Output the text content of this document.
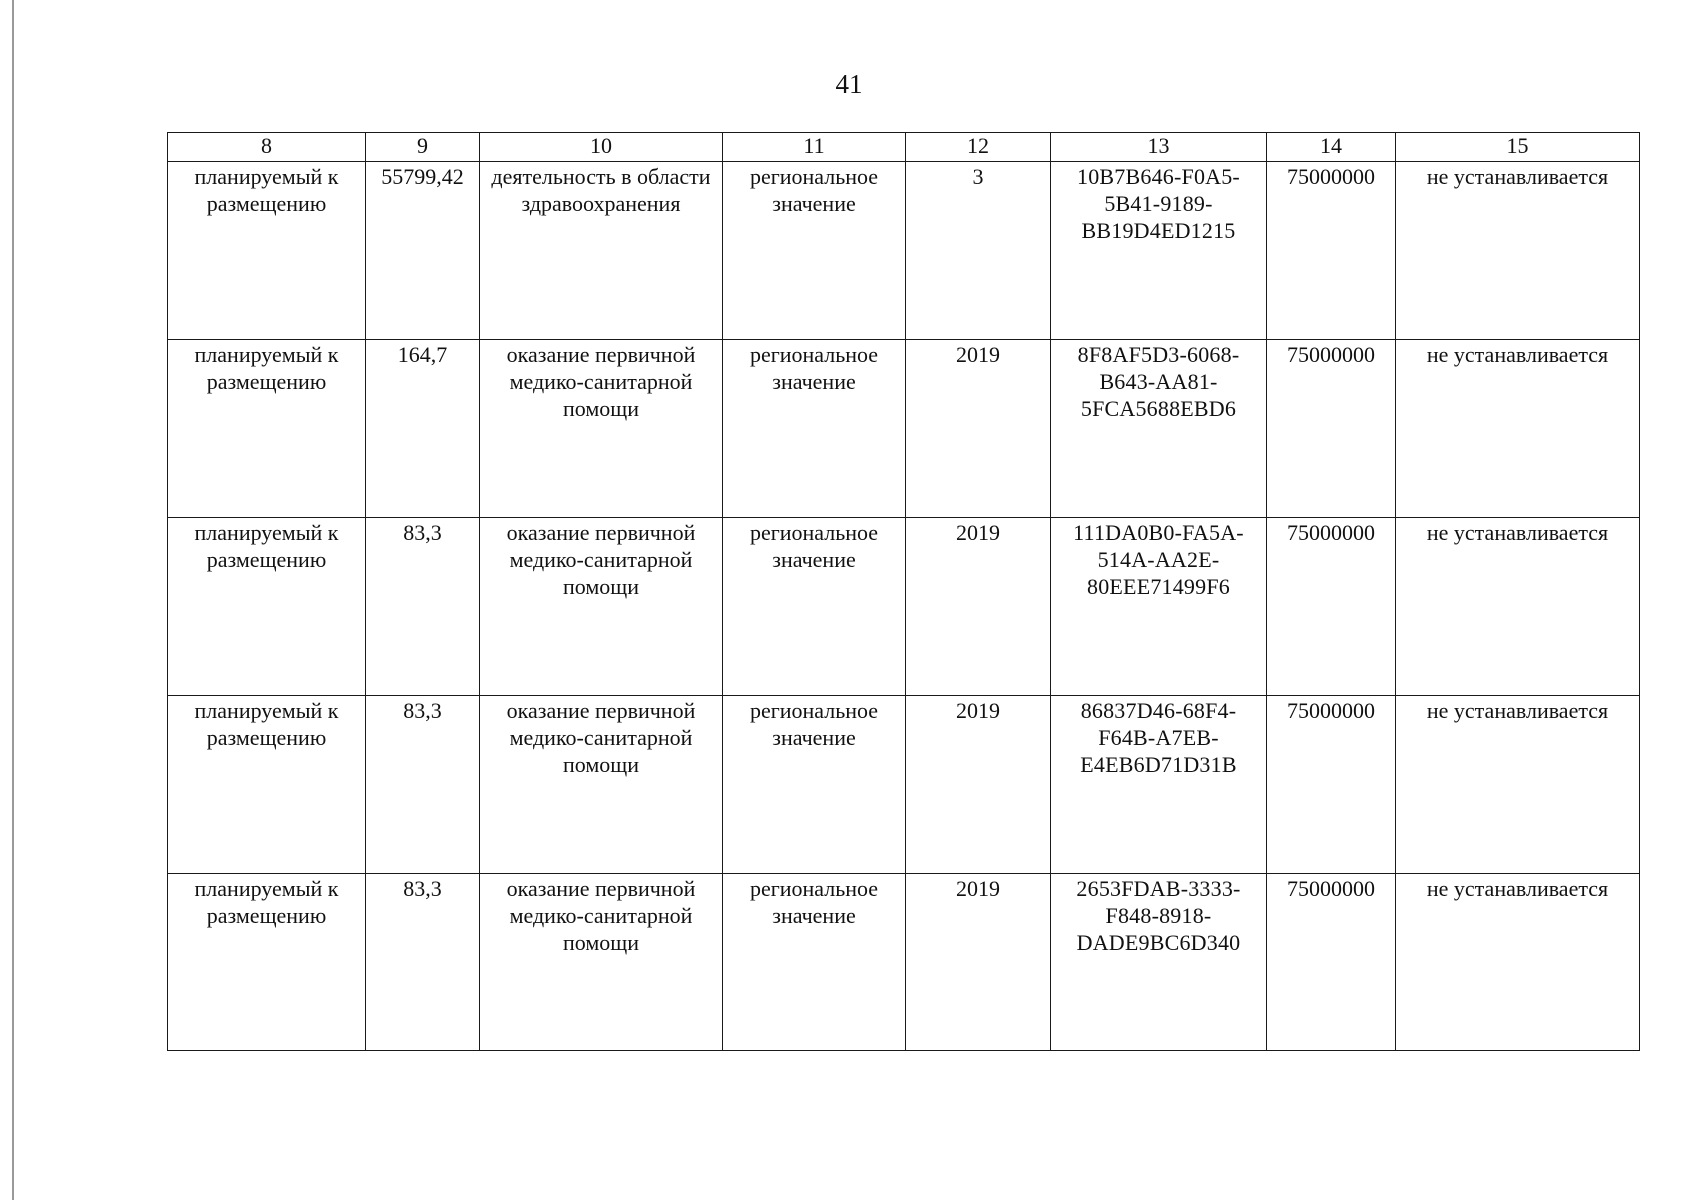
41
8	9	10	11	12	13	14	15

планируемый к размещению	55799,42	деятельность в области здравоохранения	региональное значение	3	10B7B646-F0A5-5B41-9189-BB19D4ED1215	75000000	не устанавливается

планируемый к размещению	164,7	оказание первичной медико-санитарной помощи	региональное значение	2019	8F8AF5D3-6068-B643-AA81-5FCA5688EBD6	75000000	не устанавливается

планируемый к размещению	83,3	оказание первичной медико-санитарной помощи	региональное значение	2019	111DA0B0-FA5A-514A-AA2E-80EEE71499F6	75000000	не устанавливается

планируемый к размещению	83,3	оказание первичной медико-санитарной помощи	региональное значение	2019	86837D46-68F4-F64B-A7EB-E4EB6D71D31B	75000000	не устанавливается

планируемый к размещению	83,3	оказание первичной медико-санитарной помощи	региональное значение	2019	2653FDAB-3333-F848-8918-DADE9BC6D340	75000000	не устанавливается
